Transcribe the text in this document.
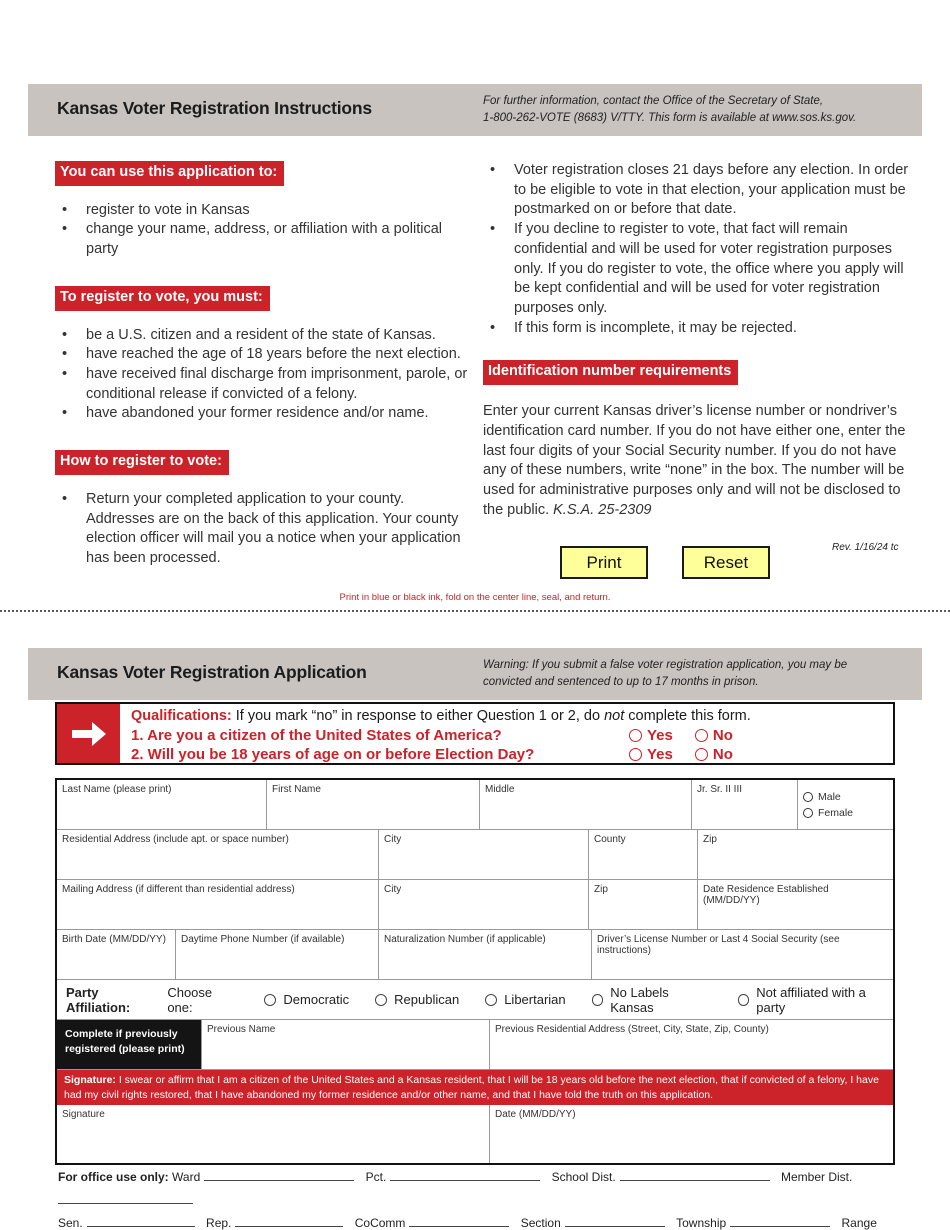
Kansas Voter Registration Instructions	For further information, contact the Office of the Secretary of State,
1-800-262-VOTE (8683) V/TTY. This form is available at www.sos.ks.gov.
You can use this application to:
• register to vote in Kansas
• change your name, address, or affiliation with a political party
To register to vote, you must:
• be a U.S. citizen and a resident of the state of Kansas.
• have reached the age of 18 years before the next election.
• have received final discharge from imprisonment, parole, or conditional release if convicted of a felony.
• have abandoned your former residence and/or name.
How to register to vote:
• Return your completed application to your county. Addresses are on the back of this application. Your county election officer will mail you a notice when your application has been processed.
• Voter registration closes 21 days before any election. In order to be eligible to vote in that election, your application must be postmarked on or before that date.
• If you decline to register to vote, that fact will remain confidential and will be used for voter registration purposes only. If you do register to vote, the office where you apply will be kept confidential and will be used for voter registration purposes only.
• If this form is incomplete, it may be rejected.
Identification number requirements
Enter your current Kansas driver’s license number or nondriver’s identification card number. If you do not have either one, enter the last four digits of your Social Security number. If you do not have any of these numbers, write “none” in the box. The number will be used for administrative purposes only and will not be disclosed to the public. K.S.A. 25-2309
Print	Reset
Rev. 1/16/24 tc
Print in blue or black ink, fold on the center line, seal, and return.
Kansas Voter Registration Application	Warning: If you submit a false voter registration application, you may be
convicted and sentenced to up to 17 months in prison.
Qualifications: If you mark “no” in response to either Question 1 or 2, do not complete this form.
1. Are you a citizen of the United States of America?	Yes	No
2. Will you be 18 years of age on or before Election Day?	Yes	No
Last Name (please print)	First Name	Middle	Jr. Sr. II III
Male
Female
Residential Address (include apt. or space number)	City	County	Zip
Mailing Address (if different than residential address)	City	Zip	Date Residence Established (MM/DD/YY)
Birth Date (MM/DD/YY)	Daytime Phone Number (if available)	Naturalization Number (if applicable)	Driver’s License Number or Last 4 Social Security (see instructions)
Party Affiliation:
Choose one:	Democratic	Republican	Libertarian	No Labels Kansas
Not affiliated with a party
Complete if previously registered (please print)
Previous Name	Previous Residential Address (Street, City, State, Zip, County)
Signature: I swear or affirm that I am a citizen of the United States and a Kansas resident, that I will be 18 years old before the next election, that if convicted of a felony, I have had my civil rights restored, that I have abandoned my former residence and/or other name, and that I have told the truth on this application.
Signature	Date (MM/DD/YY)
For office use only: Ward	Pct.	School Dist.	Member Dist.
Sen.	Rep.	CoComm	Section	Township	Range
